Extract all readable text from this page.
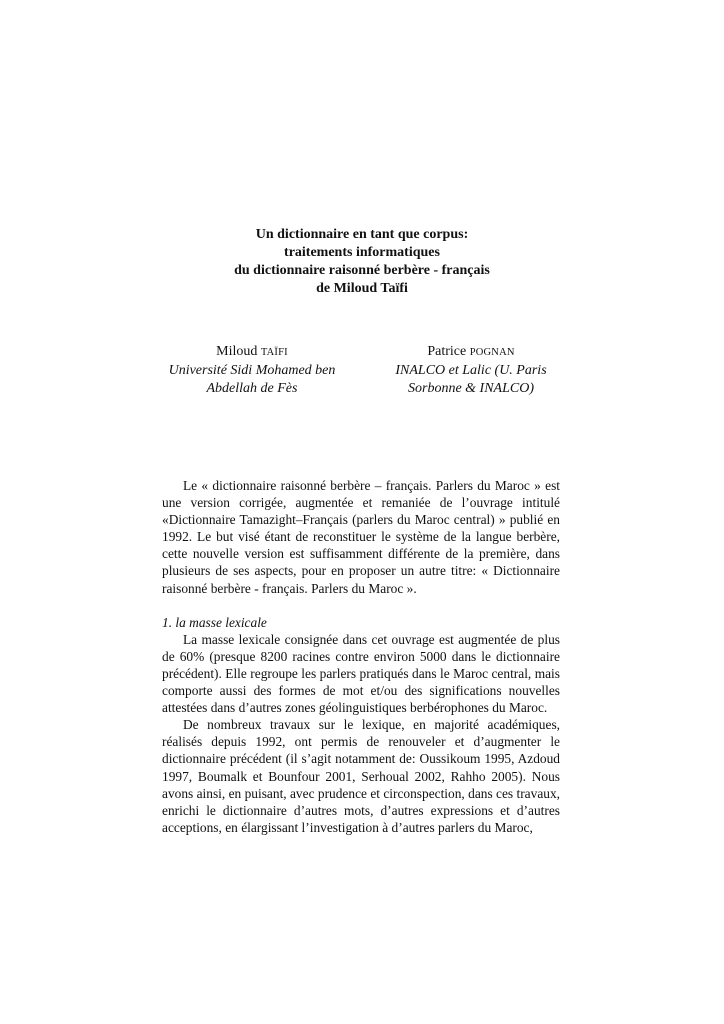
Un dictionnaire en tant que corpus:
traitements informatiques
du dictionnaire raisonné berbère - français
de Miloud Taïfi
Miloud TAÏFI
Université Sidi Mohamed ben Abdellah de Fès
Patrice POGNAN
INALCO et Lalic (U. Paris Sorbonne & INALCO)

Le « dictionnaire raisonné berbère – français. Parlers du Maroc » est une version corrigée, augmentée et remaniée de l’ouvrage intitulé «Dictionnaire Tamazight–Français (parlers du Maroc central) » publié en 1992. Le but visé étant de reconstituer le système de la langue berbère, cette nouvelle version est suffisamment différente de la première, dans plusieurs de ses aspects, pour en proposer un autre titre: « Dictionnaire raisonné berbère - français. Parlers du Maroc ».

1. la masse lexicale

La masse lexicale consignée dans cet ouvrage est augmentée de plus de 60% (presque 8200 racines contre environ 5000 dans le dictionnaire précédent). Elle regroupe les parlers pratiqués dans le Maroc central, mais comporte aussi des formes de mot et/ou des significations nouvelles attestées dans d’autres zones géolinguistiques berbérophones du Maroc.

De nombreux travaux sur le lexique, en majorité académiques, réalisés depuis 1992, ont permis de renouveler et d’augmenter le dictionnaire précédent (il s’agit notamment de: Oussikoum 1995, Azdoud 1997, Boumalk et Bounfour 2001, Serhoual 2002, Rahho 2005). Nous avons ainsi, en puisant, avec prudence et circonspection, dans ces travaux, enrichi le dictionnaire d’autres mots, d’autres expressions et d’autres acceptions, en élargissant l’investigation à d’autres parlers du Maroc,
